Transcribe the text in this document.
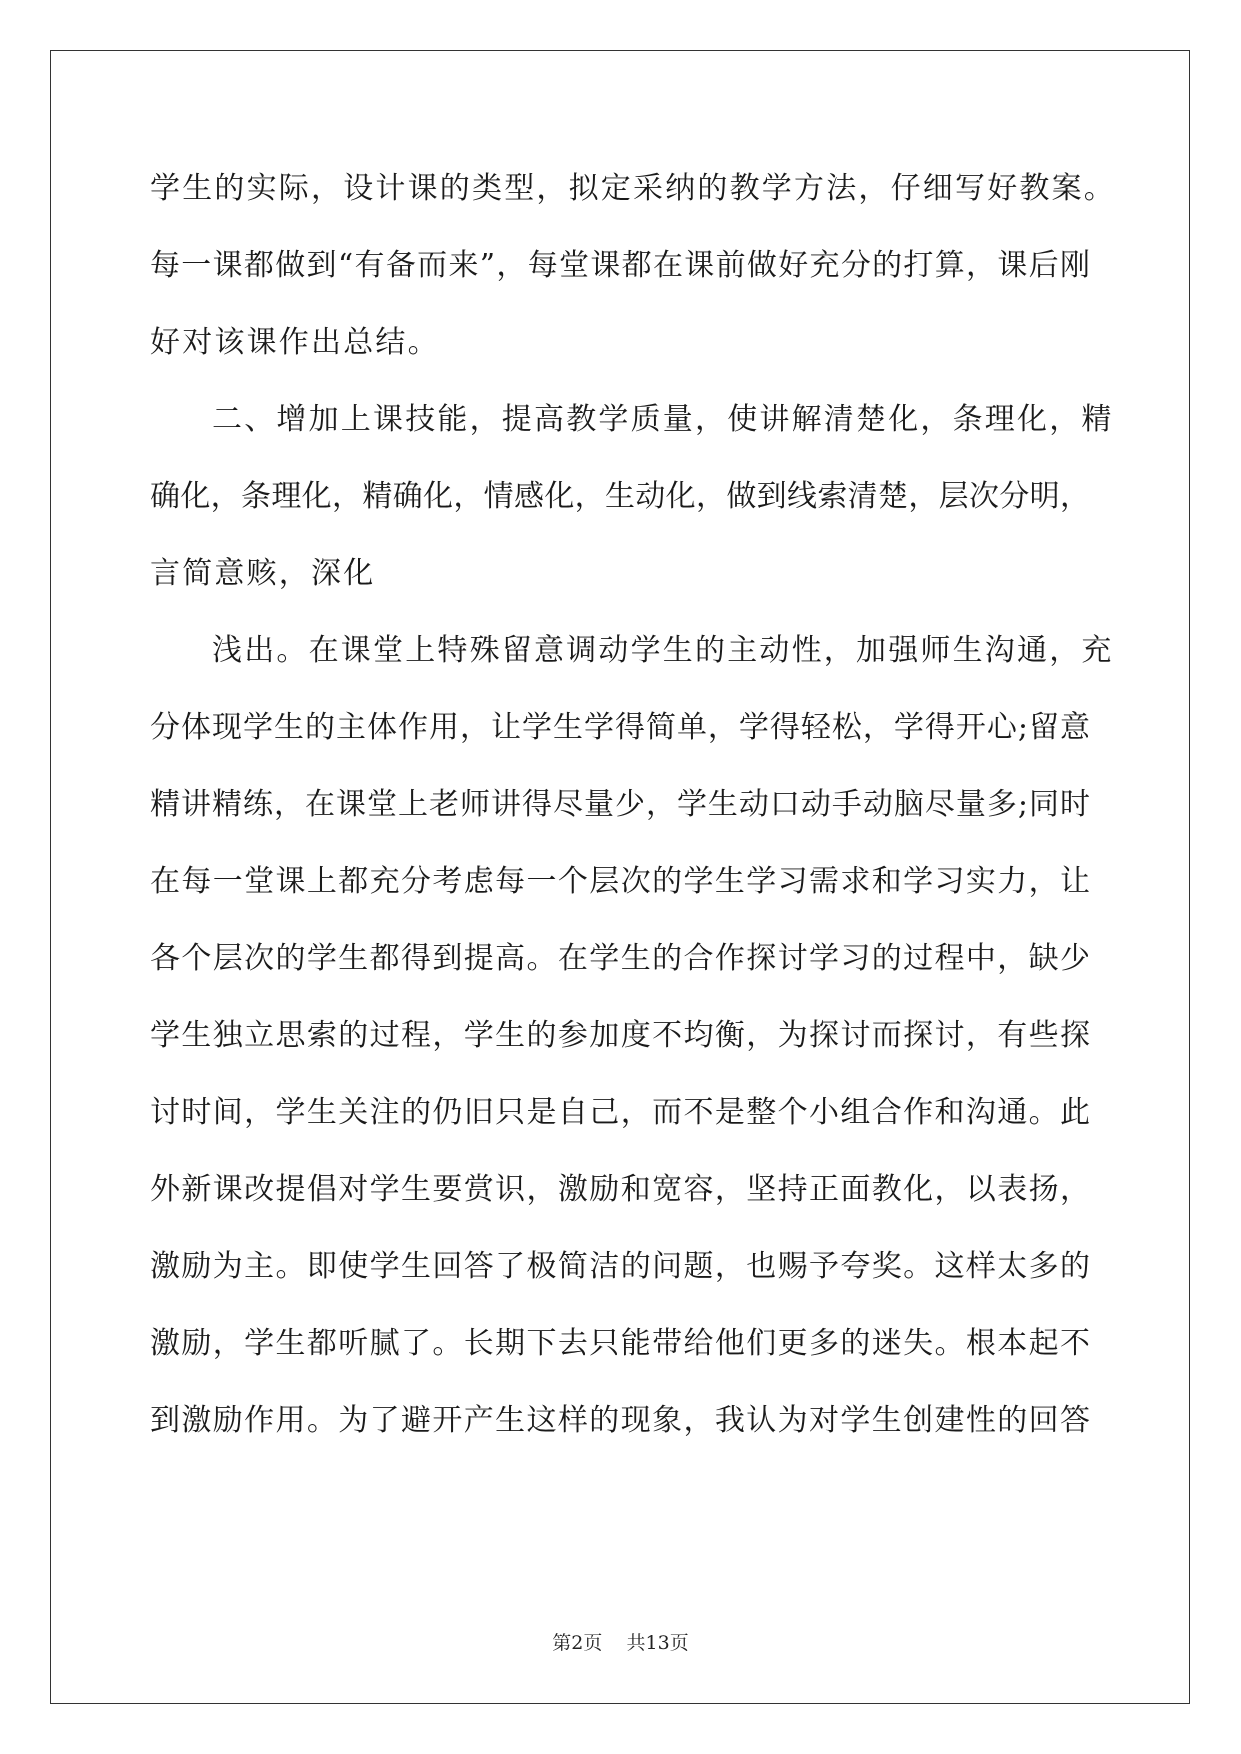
学生的实际，设计课的类型，拟定采纳的教学方法，仔细写好教案。
每一课都做到“有备而来”，每堂课都在课前做好充分的打算，课后刚
好对该课作出总结。
二、增加上课技能，提高教学质量，使讲解清楚化，条理化，精
确化，条理化，精确化，情感化，生动化，做到线索清楚，层次分明，
言简意赅，深化
浅出。在课堂上特殊留意调动学生的主动性，加强师生沟通，充
分体现学生的主体作用，让学生学得简单，学得轻松，学得开心;留意
精讲精练，在课堂上老师讲得尽量少，学生动口动手动脑尽量多;同时
在每一堂课上都充分考虑每一个层次的学生学习需求和学习实力，让
各个层次的学生都得到提高。在学生的合作探讨学习的过程中，缺少
学生独立思索的过程，学生的参加度不均衡，为探讨而探讨，有些探
讨时间，学生关注的仍旧只是自己，而不是整个小组合作和沟通。此
外新课改提倡对学生要赏识，激励和宽容，坚持正面教化，以表扬，
激励为主。即使学生回答了极简洁的问题，也赐予夸奖。这样太多的
激励，学生都听腻了。长期下去只能带给他们更多的迷失。根本起不
到激励作用。为了避开产生这样的现象，我认为对学生创建性的回答
第2页 共13页
